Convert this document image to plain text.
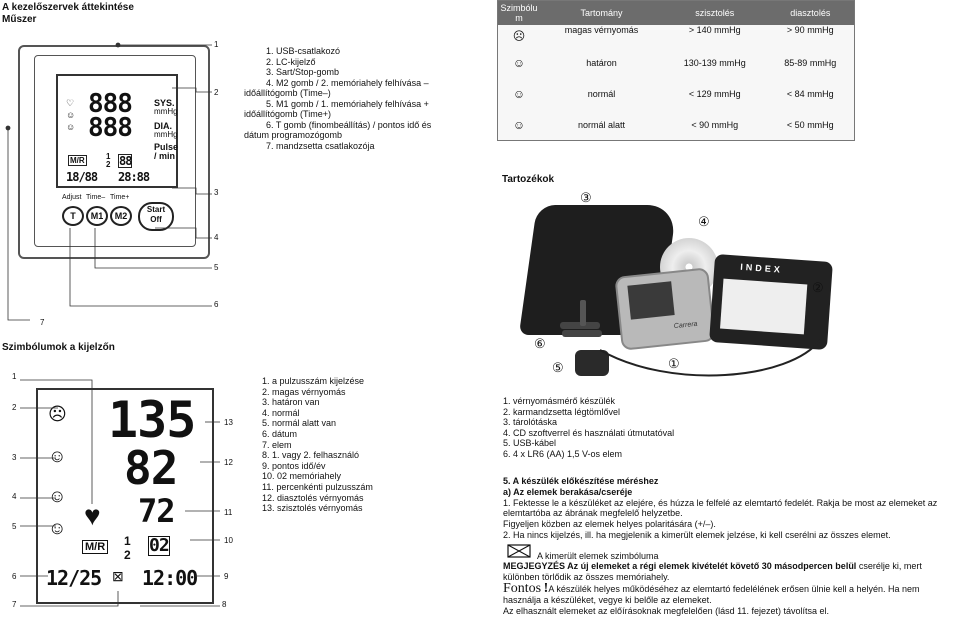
A kezelőszervek áttekintése
Műszer
♡
☺
☺
888
888
SYS.
mmHg
DIA.
mmHg
Pulse
/ min
M/R	1
2 88
18/88 28:88
Adjust Time– Time+
T	M1	M2
Start
Off
1
2
3
4
5
6
7
1. USB-csatlakozó
2. LC-kijelző
3. Sart/Stop-gomb
4. M2 gomb / 2. memóriahely felhívása –
időállítógomb (Time–)
5. M1 gomb / 1. memóriahely felhívása +
időállítógomb (Time+)
6. T gomb (finombeállítás) / pontos idő és
dátum programozógomb
7. mandzsetta csatlakozója
Szimbólu m	Tartomány	szisztolés	diasztolés
☹	magas vérnyomás	> 140 mmHg	> 90 mmHg
☺	határon	130-139 mmHg	85-89 mmHg
☺	normál	< 129 mmHg	< 84 mmHg
☺	normál alatt	< 90 mmHg	< 50 mmHg
Tartozékok
Carrera
INDEX
③
④
②
⑥
⑤	①
Szimbólumok a kijelzőn
☹
☺
☺
☺ ♥
135
82
72
M/R 1
2 02
12/25 ⊠ 12:00
1
2
3
4
5
6
7	8
9
10
11
12
13
1. a pulzusszám kijelzése
2. magas vérnyomás
3. határon van
4. normál
5. normál alatt van
6. dátum
7. elem
8. 1. vagy 2. felhasználó
9. pontos idő/év
10. 02 memóriahely
11. percenkénti pulzusszám
12. diasztolés vérnyomás
13. szisztolés vérnyomás
1. vérnyomásmérő készülék
2. karmandzsetta légtömlővel
3. tárolótáska
4. CD szoftverrel és használati útmutatóval
5. USB-kábel
6. 4 x LR6 (AA) 1,5 V-os elem
5. A készülék előkészítése méréshez
a) Az elemek berakása/cseréje
1. Fektesse le a készüléket az elejére, és húzza le felfelé az elemtartó fedelét. Rakja be most az elemeket az elemtartóba az ábrának megfelelő helyzetbe.
Figyeljen közben az elemek helyes polaritására (+/–).
2. Ha nincs kijelzés, ill. ha megjelenik a kimerült elemek jelzése, ki kell cserélni az összes elemet.
A kimerült elemek szimbóluma
MEGJEGYZÉS Az új elemeket a régi elemek kivételét követő 30 másodpercen belül cserélje ki, mert különben törlődik az összes memóriahely.
Fontos !A készülék helyes működéséhez az elemtartó fedelélének erősen ülnie kell a helyén. Ha nem használja a készüléket, vegye ki belőle az elemeket.
Az elhasznált elemeket az előírásoknak megfelelően (lásd 11. fejezet) távolítsa el.
